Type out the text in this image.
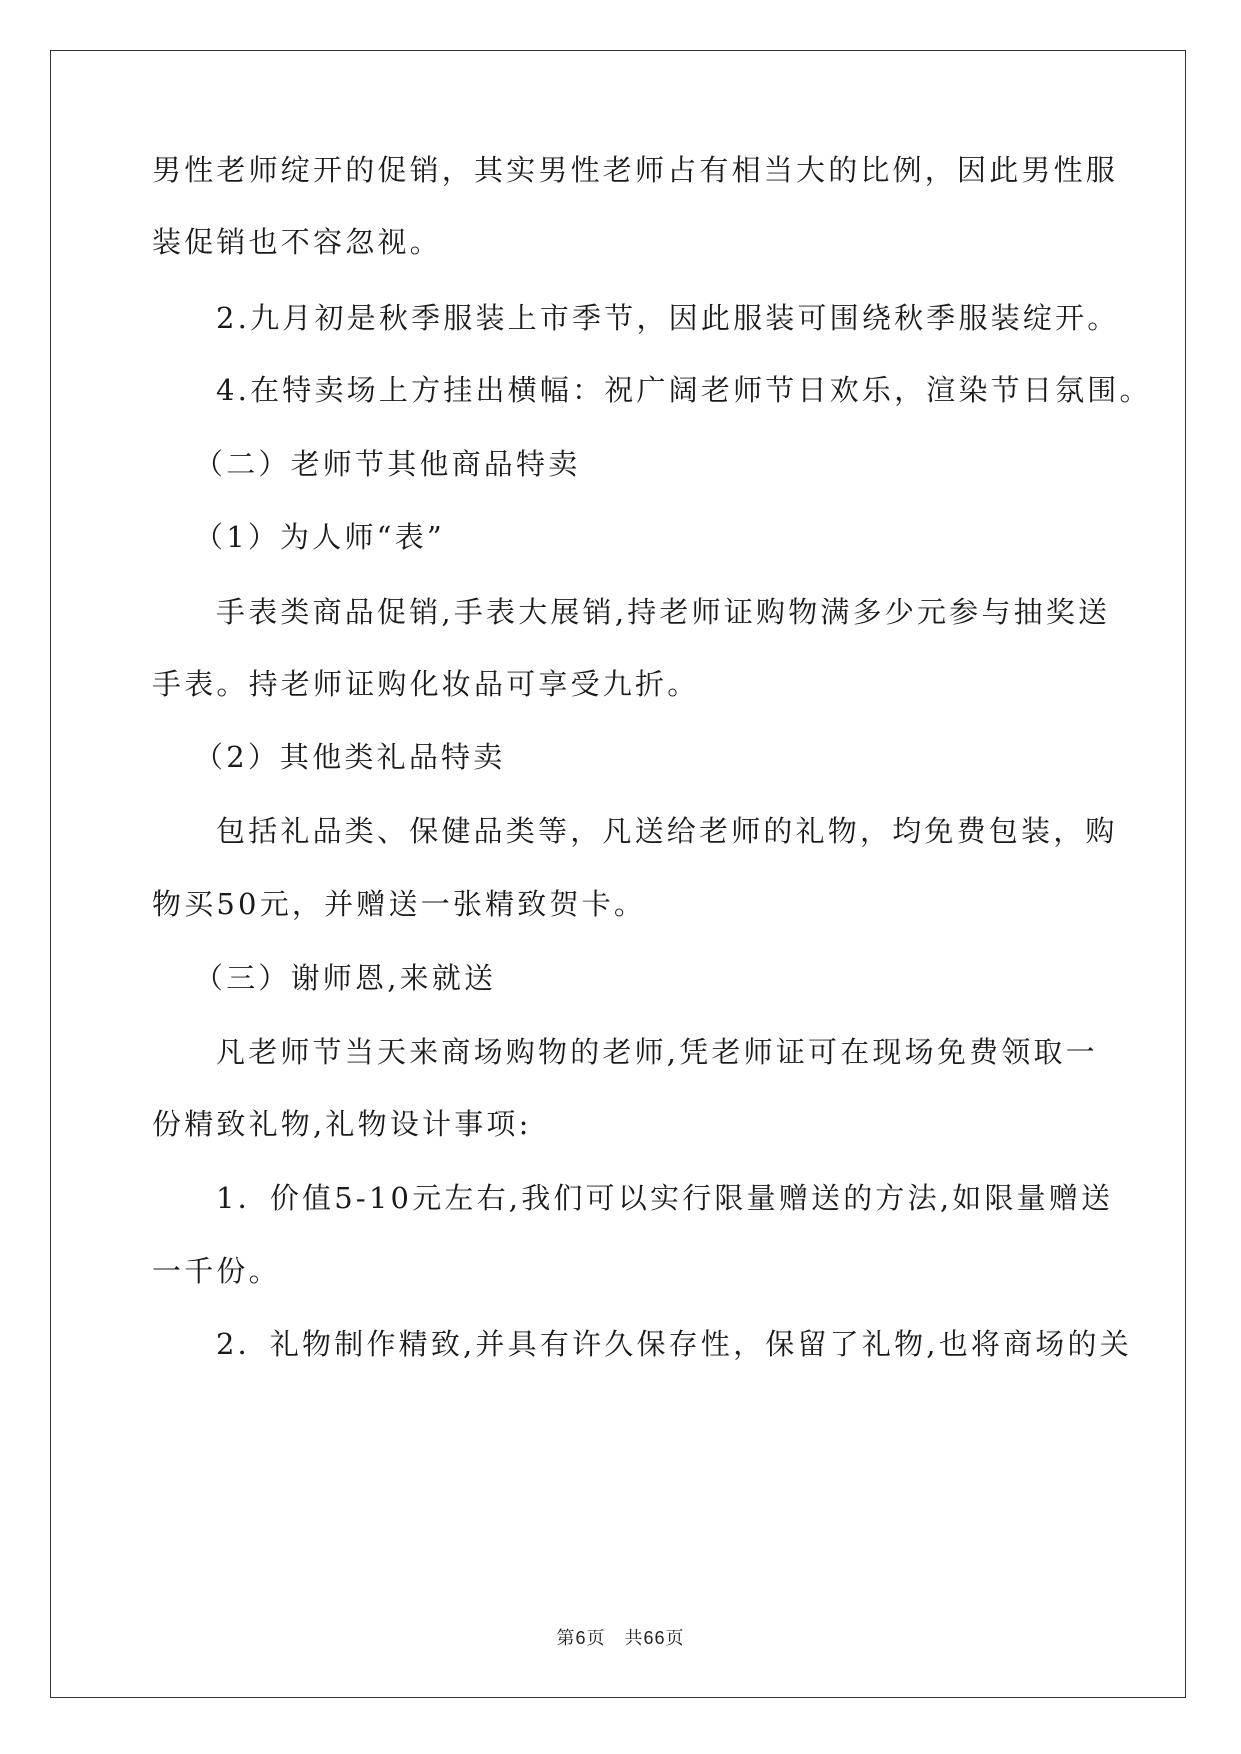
男性老师绽开的促销，其实男性老师占有相当大的比例，因此男性服
装促销也不容忽视。
2.九月初是秋季服装上市季节，因此服装可围绕秋季服装绽开。
4.在特卖场上方挂出横幅：祝广阔老师节日欢乐，渲染节日氛围。
（二）老师节其他商品特卖
（1）为人师“表”
手表类商品促销,手表大展销,持老师证购物满多少元参与抽奖送
手表。持老师证购化妆品可享受九折。
（2）其他类礼品特卖
包括礼品类、保健品类等，凡送给老师的礼物，均免费包装，购
物买50元，并赠送一张精致贺卡。
（三）谢师恩,来就送
凡老师节当天来商场购物的老师,凭老师证可在现场免费领取一
份精致礼物,礼物设计事项:
1．价值5-10元左右,我们可以实行限量赠送的方法,如限量赠送
一千份。
2．礼物制作精致,并具有许久保存性，保留了礼物,也将商场的关
第6页　共66页
